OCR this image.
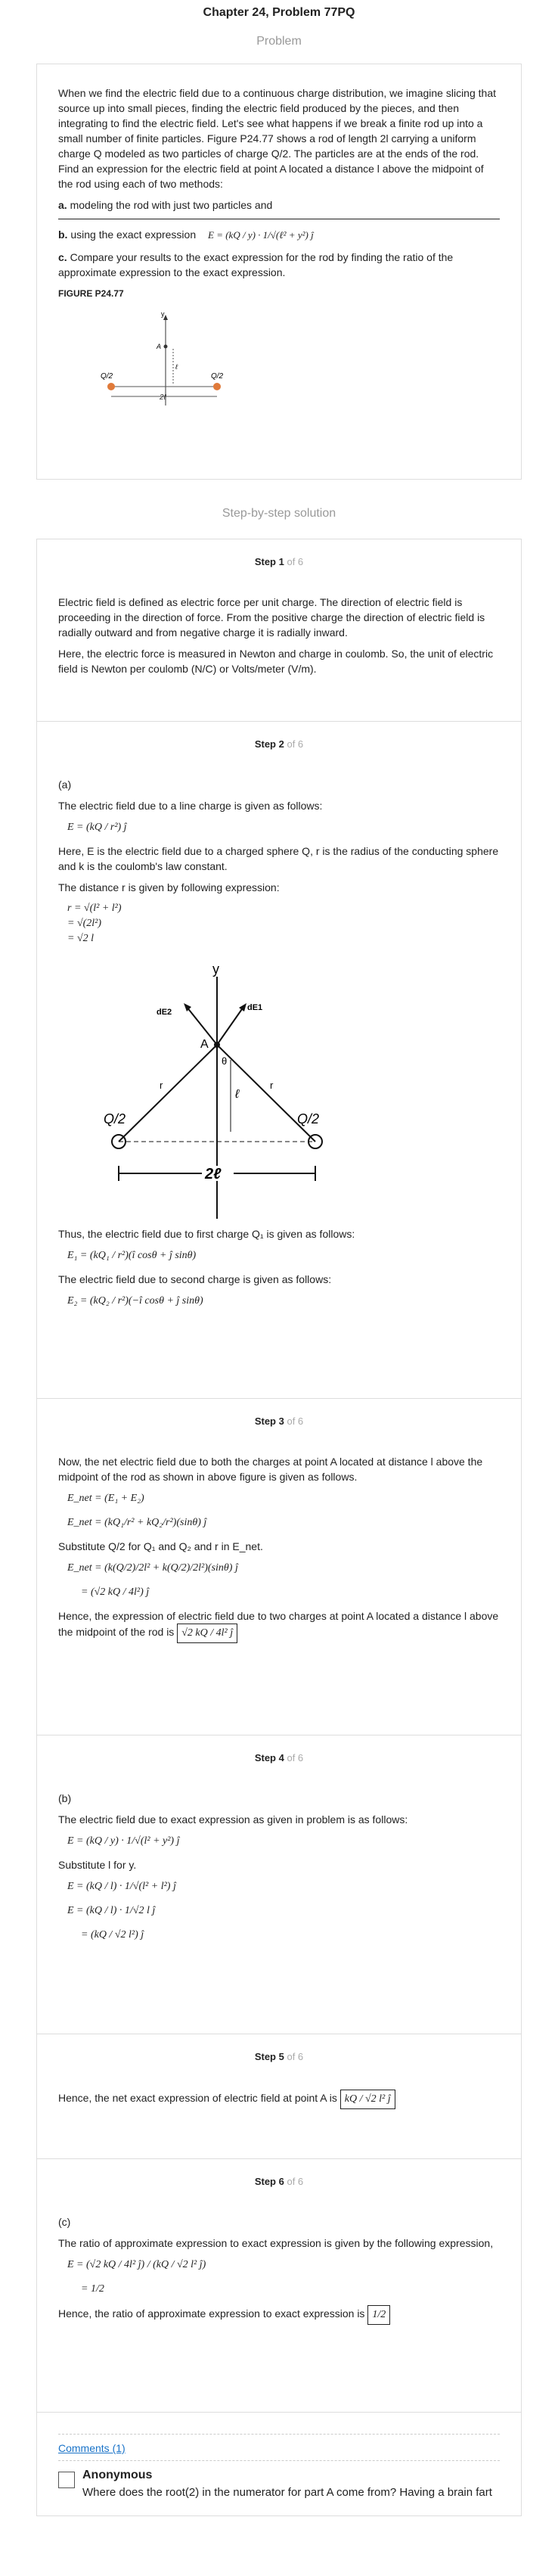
Chapter 24, Problem 77PQ
Problem

When we find the electric field due to a continuous charge distribution, we imagine slicing that source up into small pieces, finding the electric field produced by the pieces, and then integrating to find the electric field. Let's see what happens if we break a finite rod up into a small number of finite particles. Figure P24.77 shows a rod of length 2l carrying a uniform charge Q modeled as two particles of charge Q/2. The particles are at the ends of the rod. Find an expression for the electric field at point A located a distance l above the midpoint of the rod using each of two methods:

a. modeling the rod with just two particles and

b. using the exact expression E = (kQ / y) · 1/√(ℓ² + y²) ĵ

c. Compare your results to the exact expression for the rod by finding the ratio of the approximate expression to the exact expression.

FIGURE P24.77

y
A
ℓ
Q/2	Q/2
2ℓ
Step-by-step solution
Step 1 of 6

Electric field is defined as electric force per unit charge. The direction of electric field is proceeding in the direction of force. From the positive charge the direction of electric field is radially outward and from negative charge it is radially inward.

Here, the electric force is measured in Newton and charge in coulomb. So, the unit of electric field is Newton per coulomb (N/C) or Volts/meter (V/m).

Step 2 of 6

(a)

The electric field due to a line charge is given as follows:

E = (kQ / r²) ĵ

Here, E is the electric field due to a charged sphere Q, r is the radius of the conducting sphere and k is the coulomb's law constant.

The distance r is given by following expression:

r = √(l² + l²)
= √(2l²)
= √2 l
y
dE2	dE1
A
θ
r	r
ℓ
Q/2	Q/2
2ℓ

Thus, the electric field due to first charge Q₁ is given as follows:

E₁ = (kQ₁ / r²)(î cosθ + ĵ sinθ)

The electric field due to second charge is given as follows:

E₂ = (kQ₂ / r²)(−î cosθ + ĵ sinθ)
Step 3 of 6

Now, the net electric field due to both the charges at point A located at distance l above the midpoint of the rod as shown in above figure is given as follows.

E_net = (E₁ + E₂)
E_net = (kQ₁/r² + kQ₂/r²)(sinθ) ĵ

Substitute Q/2 for Q₁ and Q₂ and r in E_net.

E_net = (k(Q/2)/2l² + k(Q/2)/2l²)(sinθ) ĵ
= (√2 kQ / 4l²) ĵ

Hence, the expression of electric field due to two charges at point A located a distance l above the midpoint of the rod is √2 kQ / 4l² ĵ

Step 4 of 6

(b)

The electric field due to exact expression as given in problem is as follows:

E = (kQ / y) · 1/√(l² + y²) ĵ

Substitute l for y.

E = (kQ / l) · 1/√(l² + l²) ĵ
E = (kQ / l) · 1/√2 l ĵ
= (kQ / √2 l²) ĵ
Step 5 of 6

Hence, the net exact expression of electric field at point A is kQ / √2 l² ĵ

Step 6 of 6

(c)

The ratio of approximate expression to exact expression is given by the following expression,

E = (√2 kQ / 4l² ĵ) / (kQ / √2 l² ĵ)
= 1/2

Hence, the ratio of approximate expression to exact expression is 1/2

Comments (1)
Anonymous
Where does the root(2) in the numerator for part A come from? Having a brain fart
